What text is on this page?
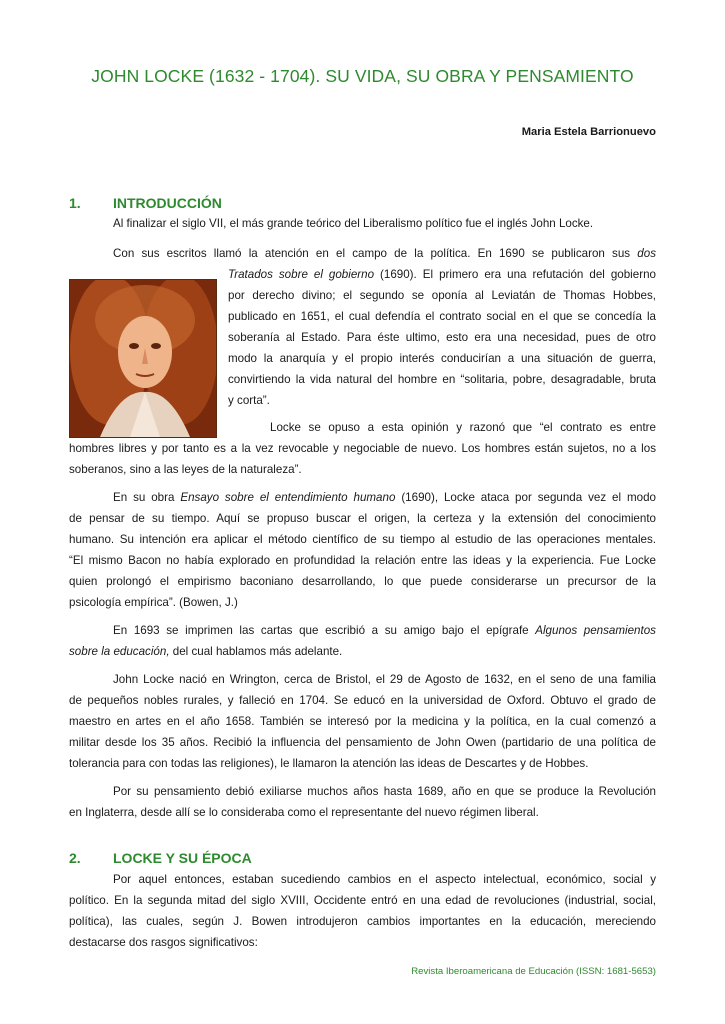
JOHN LOCKE (1632 - 1704). SU VIDA, SU OBRA Y PENSAMIENTO
Maria Estela Barrionuevo
1. INTRODUCCIÓN
Al finalizar el siglo VII, el más grande teórico del Liberalismo político fue el inglés John Locke.
Con sus escritos llamó la atención en el campo de la política. En 1690 se publicaron sus dos
Tratados sobre el gobierno (1690). El primero era una refutación del gobierno
por derecho divino; el segundo se oponía al Leviatán de Thomas Hobbes,
publicado en 1651, el cual defendía el contrato social en el que se concedía la
soberanía al Estado. Para éste ultimo, esto era una necesidad, pues de otro
modo la anarquía y el propio interés conducirían a una situación de guerra,
convirtiendo la vida natural del hombre en “solitaria, pobre, desagradable, bruta
y corta”.
Locke se opuso a esta opinión y razonó que “el contrato es entre
hombres libres y por tanto es a la vez revocable y negociable de nuevo. Los hombres están sujetos, no a los
soberanos, sino a las leyes de la naturaleza”.
En su obra Ensayo sobre el entendimiento humano (1690), Locke ataca por segunda vez el modo
de pensar de su tiempo. Aquí se propuso buscar el origen, la certeza y la extensión del conocimiento
humano. Su intención era aplicar el método científico de su tiempo al estudio de las operaciones mentales.
“El mismo Bacon no había explorado en profundidad la relación entre las ideas y la experiencia. Fue Locke
quien prolongó el empirismo baconiano desarrollando, lo que puede considerarse un precursor de la
psicología empírica”. (Bowen, J.)
En 1693 se imprimen las cartas que escribió a su amigo bajo el epígrafe Algunos pensamientos
sobre la educación, del cual hablamos más adelante.
John Locke nació en Wrington, cerca de Bristol, el 29 de Agosto de 1632, en el seno de una familia
de pequeños nobles rurales, y falleció en 1704. Se educó en la universidad de Oxford. Obtuvo el grado de
maestro en artes en el año 1658. También se interesó por la medicina y la política, en la cual comenzó a
militar desde los 35 años. Recibió la influencia del pensamiento de John Owen (partidario de una política de
tolerancia para con todas las religiones), le llamaron la atención las ideas de Descartes y de Hobbes.
Por su pensamiento debió exiliarse muchos años hasta 1689, año en que se produce la Revolución
en Inglaterra, desde allí se lo consideraba como el representante del nuevo régimen liberal.
2. LOCKE Y SU ÉPOCA
Por aquel entonces, estaban sucediendo cambios en el aspecto intelectual, económico, social y
político. En la segunda mitad del siglo XVIII, Occidente entró en una edad de revoluciones (industrial, social,
política), las cuales, según J. Bowen introdujeron cambios importantes en la educación, mereciendo
destacarse dos rasgos significativos:
Revista Iberoamericana de Educación (ISSN: 1681-5653)
